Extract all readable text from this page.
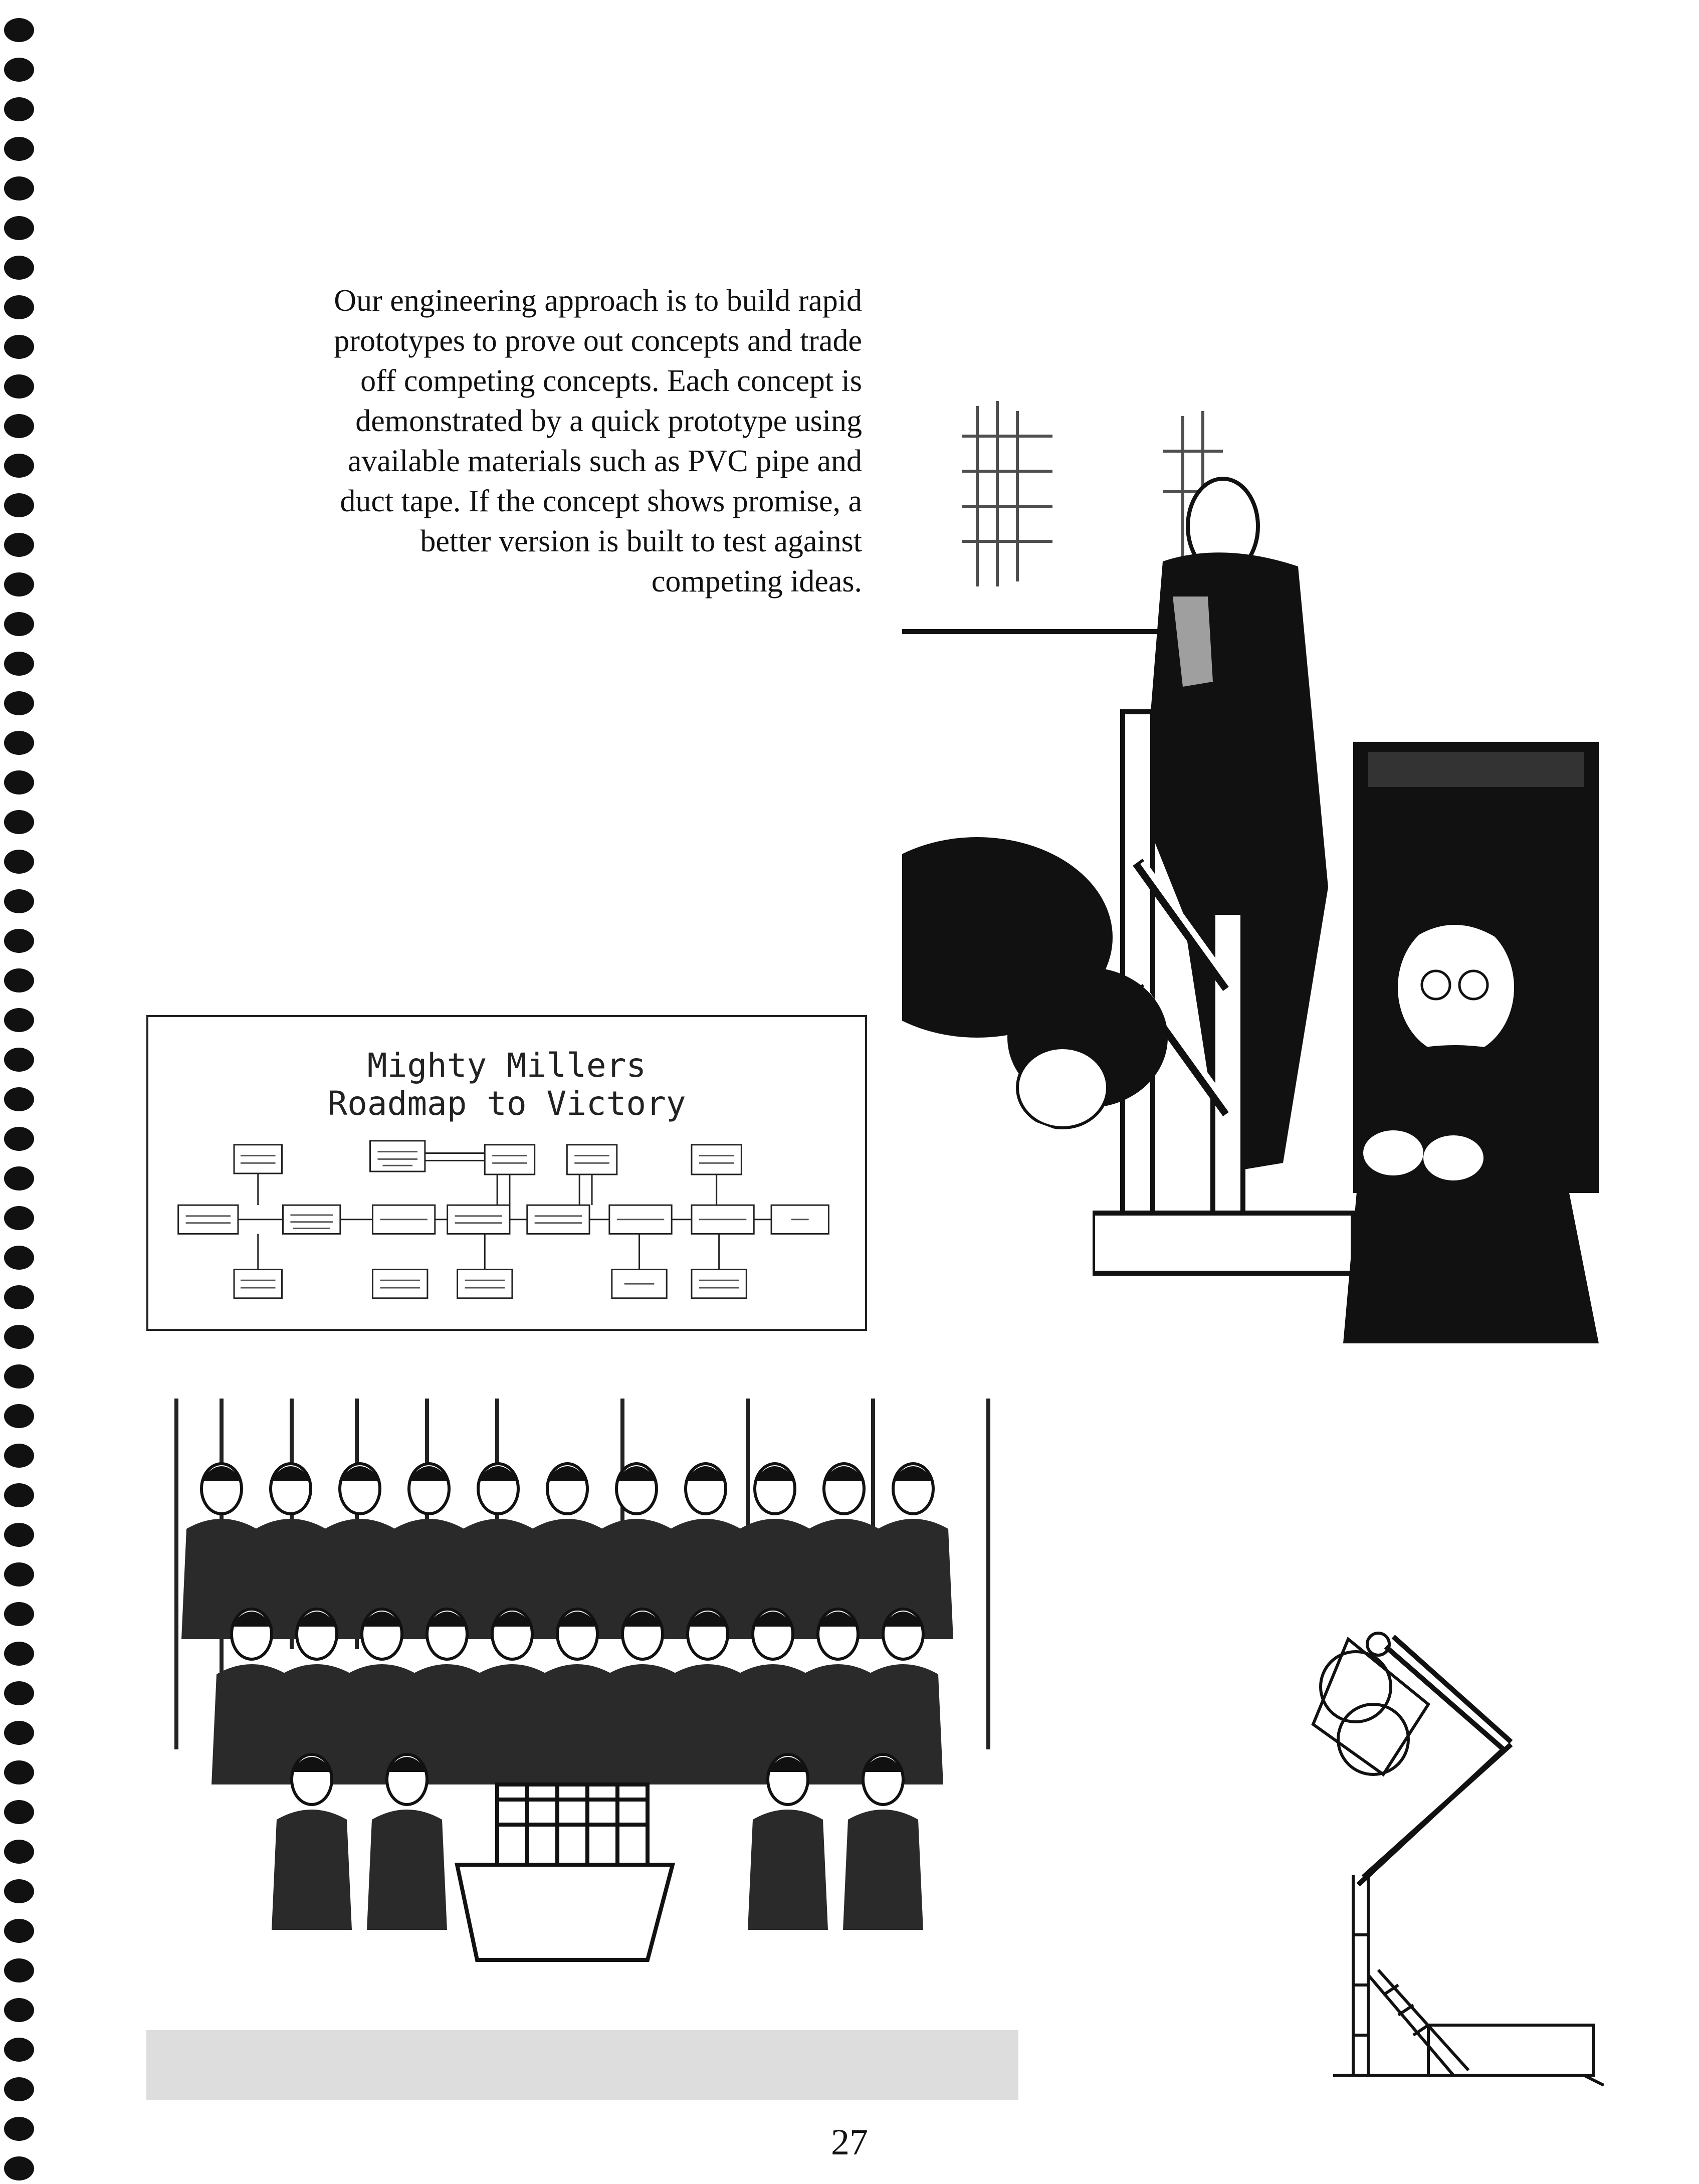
Our engineering approach is to build rapid
prototypes to prove out concepts and trade
off competing concepts. Each concept is
demonstrated by a quick prototype using
available materials such as PVC pipe and
duct tape. If the concept shows promise, a
better version is built to test against
competing ideas.

Mighty Millers

Roadmap to Victory

27
